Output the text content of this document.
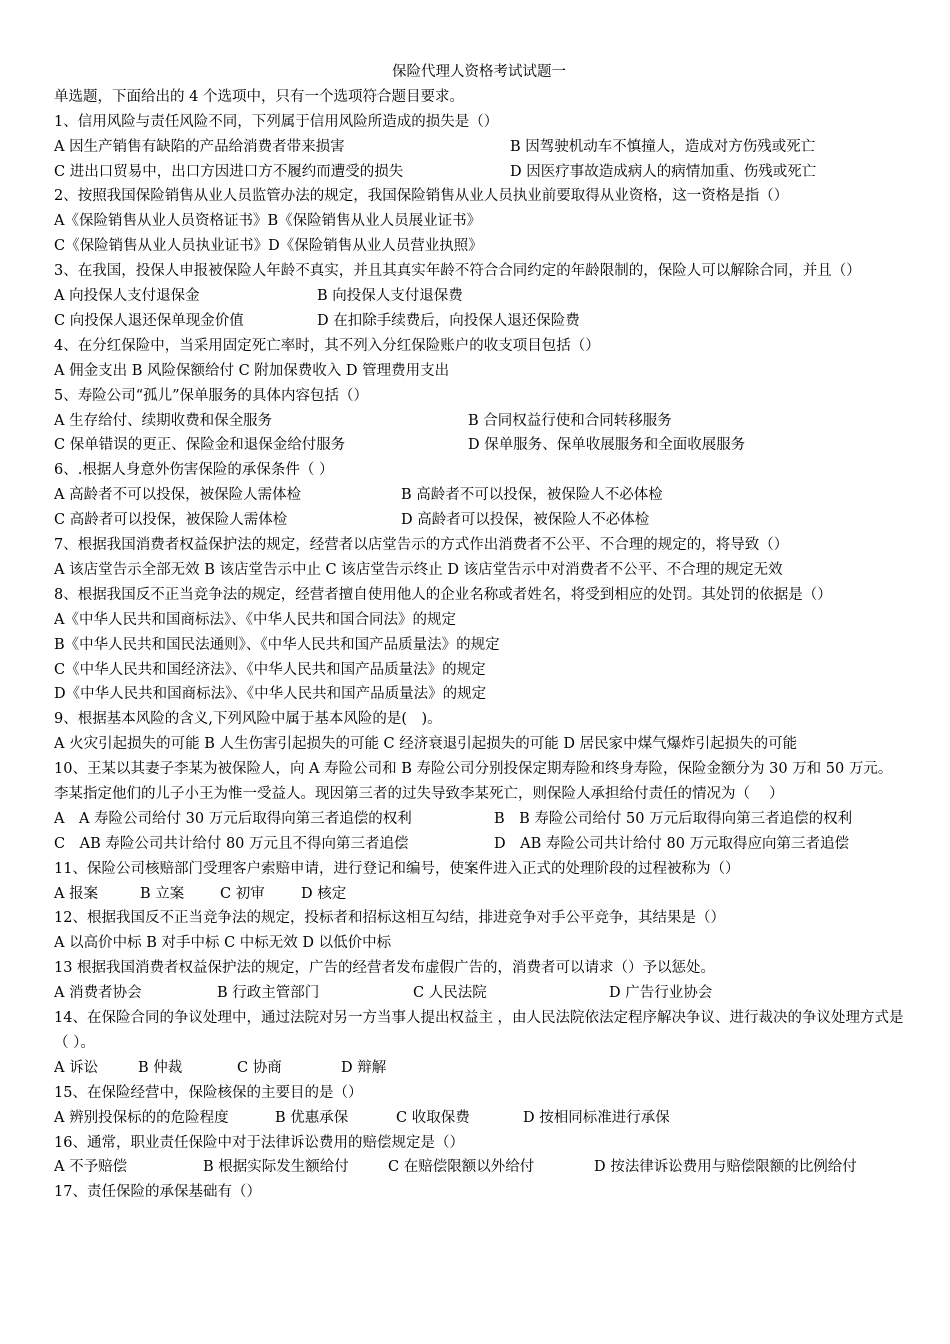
保险代理人资格考试试题一
单选题，下面给出的 4 个选项中，只有一个选项符合题目要求。
1、信用风险与责任风险不同，下列属于信用风险所造成的损失是（）
A 因生产销售有缺陷的产品给消费者带来损害	B 因驾驶机动车不慎撞人，造成对方伤残或死亡
C 进出口贸易中，出口方因进口方不履约而遭受的损失	D 因医疗事故造成病人的病情加重、伤残或死亡
2、按照我国保险销售从业人员监管办法的规定，我国保险销售从业人员执业前要取得从业资格，这一资格是指（）
A《保险销售从业人员资格证书》B《保险销售从业人员展业证书》
C《保险销售从业人员执业证书》D《保险销售从业人员营业执照》
3、在我国，投保人申报被保险人年龄不真实，并且其真实年龄不符合合同约定的年龄限制的，保险人可以解除合同，并且（）
A 向投保人支付退保金	B 向投保人支付退保费
C 向投保人退还保单现金价值	D 在扣除手续费后，向投保人退还保险费
4、在分红保险中，当采用固定死亡率时，其不列入分红保险账户的收支项目包括（）
A 佣金支出 B 风险保额给付 C 附加保费收入 D 管理费用支出
5、寿险公司“孤儿”保单服务的具体内容包括（）
A 生存给付、续期收费和保全服务	B 合同权益行使和合同转移服务
C 保单错误的更正、保险金和退保金给付服务	D 保单服务、保单收展服务和全面收展服务
6、.根据人身意外伤害保险的承保条件（ ）
A 高龄者不可以投保，被保险人需体检	B 高龄者不可以投保，被保险人不必体检
C 高龄者可以投保，被保险人需体检	D 高龄者可以投保，被保险人不必体检
7、根据我国消费者权益保护法的规定，经营者以店堂告示的方式作出消费者不公平、不合理的规定的，将导致（）
A 该店堂告示全部无效 B 该店堂告示中止 C 该店堂告示终止 D 该店堂告示中对消费者不公平、不合理的规定无效
8、根据我国反不正当竞争法的规定，经营者擅自使用他人的企业名称或者姓名，将受到相应的处罚。其处罚的依据是（）
A《中华人民共和国商标法》、《中华人民共和国合同法》的规定
B《中华人民共和国民法通则》、《中华人民共和国产品质量法》的规定
C《中华人民共和国经济法》、《中华人民共和国产品质量法》的规定
D《中华人民共和国商标法》、《中华人民共和国产品质量法》的规定
9、根据基本风险的含义,下列风险中属于基本风险的是(　)。
A 火灾引起损失的可能 B 人生伤害引起损失的可能 C 经济衰退引起损失的可能 D 居民家中煤气爆炸引起损失的可能
10、王某以其妻子李某为被保险人，向 A 寿险公司和 B 寿险公司分别投保定期寿险和终身寿险，保险金额分为 30 万和 50 万元。李某指定他们的儿子小王为惟一受益人。现因第三者的过失导致李某死亡，则保险人承担给付责任的情况为（　 ）
A　A 寿险公司给付 30 万元后取得向第三者追偿的权利	B　B 寿险公司给付 50 万元后取得向第三者追偿的权利
C　AB 寿险公司共计给付 80 万元且不得向第三者追偿	D　AB 寿险公司共计给付 80 万元取得应向第三者追偿
11、保险公司核赔部门受理客户索赔申请，进行登记和编号，使案件进入正式的处理阶段的过程被称为（）
A 报案	B 立案 C 初审	D 核定
12、根据我国反不正当竞争法的规定，投标者和招标这相互勾结，排进竞争对手公平竞争，其结果是（）
A 以高价中标 B 对手中标 C 中标无效 D 以低价中标
13 根据我国消费者权益保护法的规定，广告的经营者发布虚假广告的，消费者可以请求（）予以惩处。
A 消费者协会	B 行政主管部门	C 人民法院	D 广告行业协会
14、在保险合同的争议处理中，通过法院对另一方当事人提出权益主 ，由人民法院依法定程序解决争议、进行裁决的争议处理方式是（ ）。
A 诉讼	B 仲裁	C 协商	D 辩解
15、在保险经营中，保险核保的主要目的是（）
A 辨别投保标的的危险程度	B 优惠承保	C 收取保费	D 按相同标准进行承保
16、通常，职业责任保险中对于法律诉讼费用的赔偿规定是（）
A 不予赔偿	B 根据实际发生额给付	C 在赔偿限额以外给付	D 按法律诉讼费用与赔偿限额的比例给付
17、责任保险的承保基础有（）
